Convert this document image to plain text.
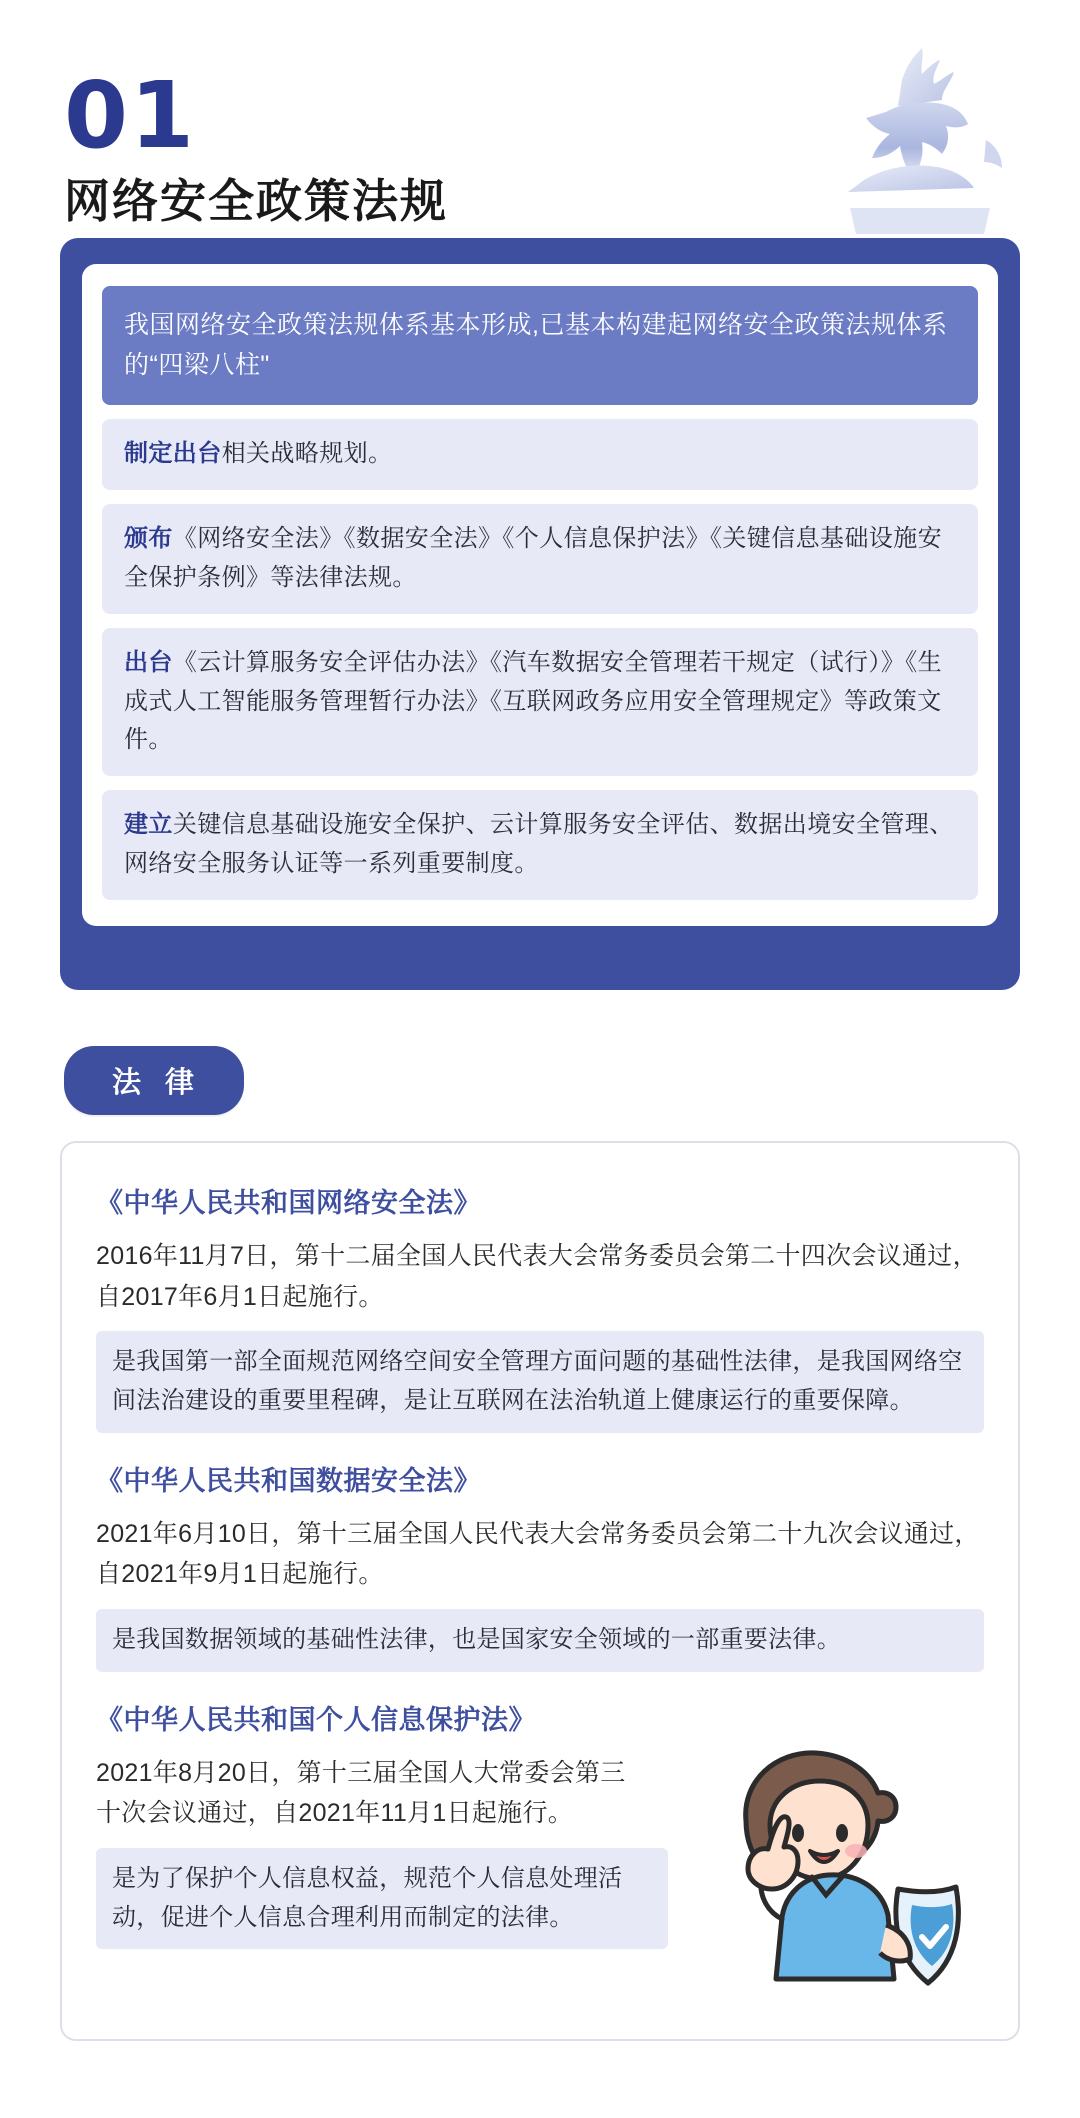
01
网络安全政策法规
我国网络安全政策法规体系基本形成,已基本构建起网络安全政策法规体系的“四梁八柱"
制定出台相关战略规划。
颁布《网络安全法》《数据安全法》《个人信息保护法》《关键信息基础设施安全保护条例》等法律法规。
出台《云计算服务安全评估办法》《汽车数据安全管理若干规定（试行）》《生成式人工智能服务管理暂行办法》《互联网政务应用安全管理规定》等政策文件。
建立关键信息基础设施安全保护、云计算服务安全评估、数据出境安全管理、网络安全服务认证等一系列重要制度。
法 律
《中华人民共和国网络安全法》
2016年11月7日，第十二届全国人民代表大会常务委员会第二十四次会议通过，自2017年6月1日起施行。
是我国第一部全面规范网络空间安全管理方面问题的基础性法律，是我国网络空间法治建设的重要里程碑，是让互联网在法治轨道上健康运行的重要保障。
《中华人民共和国数据安全法》
2021年6月10日，第十三届全国人民代表大会常务委员会第二十九次会议通过，自2021年9月1日起施行。
是我国数据领域的基础性法律，也是国家安全领域的一部重要法律。
《中华人民共和国个人信息保护法》
2021年8月20日，第十三届全国人大常委会第三十次会议通过，自2021年11月1日起施行。
是为了保护个人信息权益，规范个人信息处理活动，促进个人信息合理利用而制定的法律。
